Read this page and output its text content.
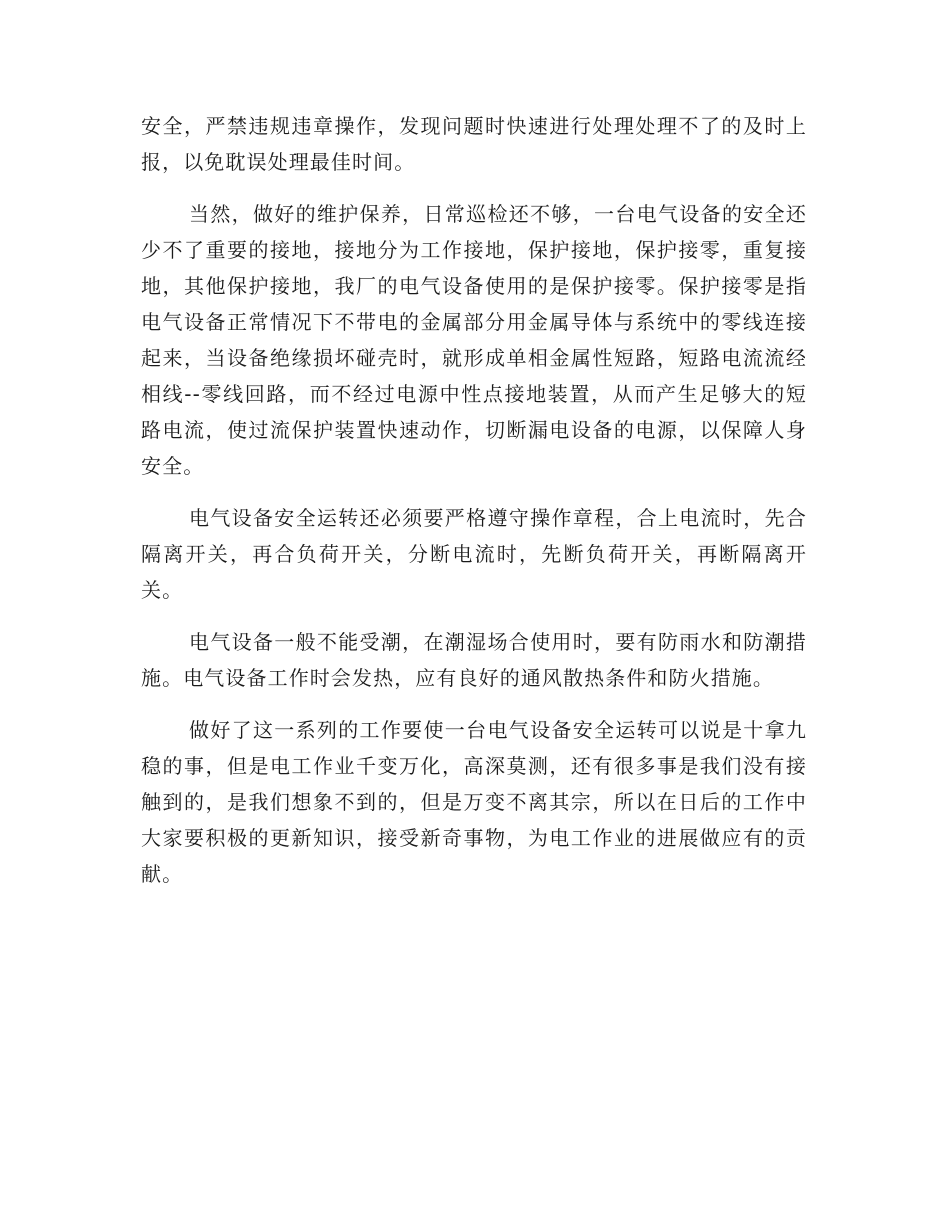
安全，严禁违规违章操作，发现问题时快速进行处理处理不了的及时上报，以免耽误处理最佳时间。

当然，做好的维护保养，日常巡检还不够，一台电气设备的安全还少不了重要的接地，接地分为工作接地，保护接地，保护接零，重复接地，其他保护接地，我厂的电气设备使用的是保护接零。保护接零是指电气设备正常情况下不带电的金属部分用金属导体与系统中的零线连接起来，当设备绝缘损坏碰壳时，就形成单相金属性短路，短路电流流经相线--零线回路，而不经过电源中性点接地装置，从而产生足够大的短路电流，使过流保护装置快速动作，切断漏电设备的电源，以保障人身安全。

电气设备安全运转还必须要严格遵守操作章程，合上电流时，先合隔离开关，再合负荷开关，分断电流时，先断负荷开关，再断隔离开关。

电气设备一般不能受潮，在潮湿场合使用时，要有防雨水和防潮措施。电气设备工作时会发热，应有良好的通风散热条件和防火措施。

做好了这一系列的工作要使一台电气设备安全运转可以说是十拿九稳的事，但是电工作业千变万化，高深莫测，还有很多事是我们没有接触到的，是我们想象不到的，但是万变不离其宗，所以在日后的工作中大家要积极的更新知识，接受新奇事物，为电工作业的进展做应有的贡献。
